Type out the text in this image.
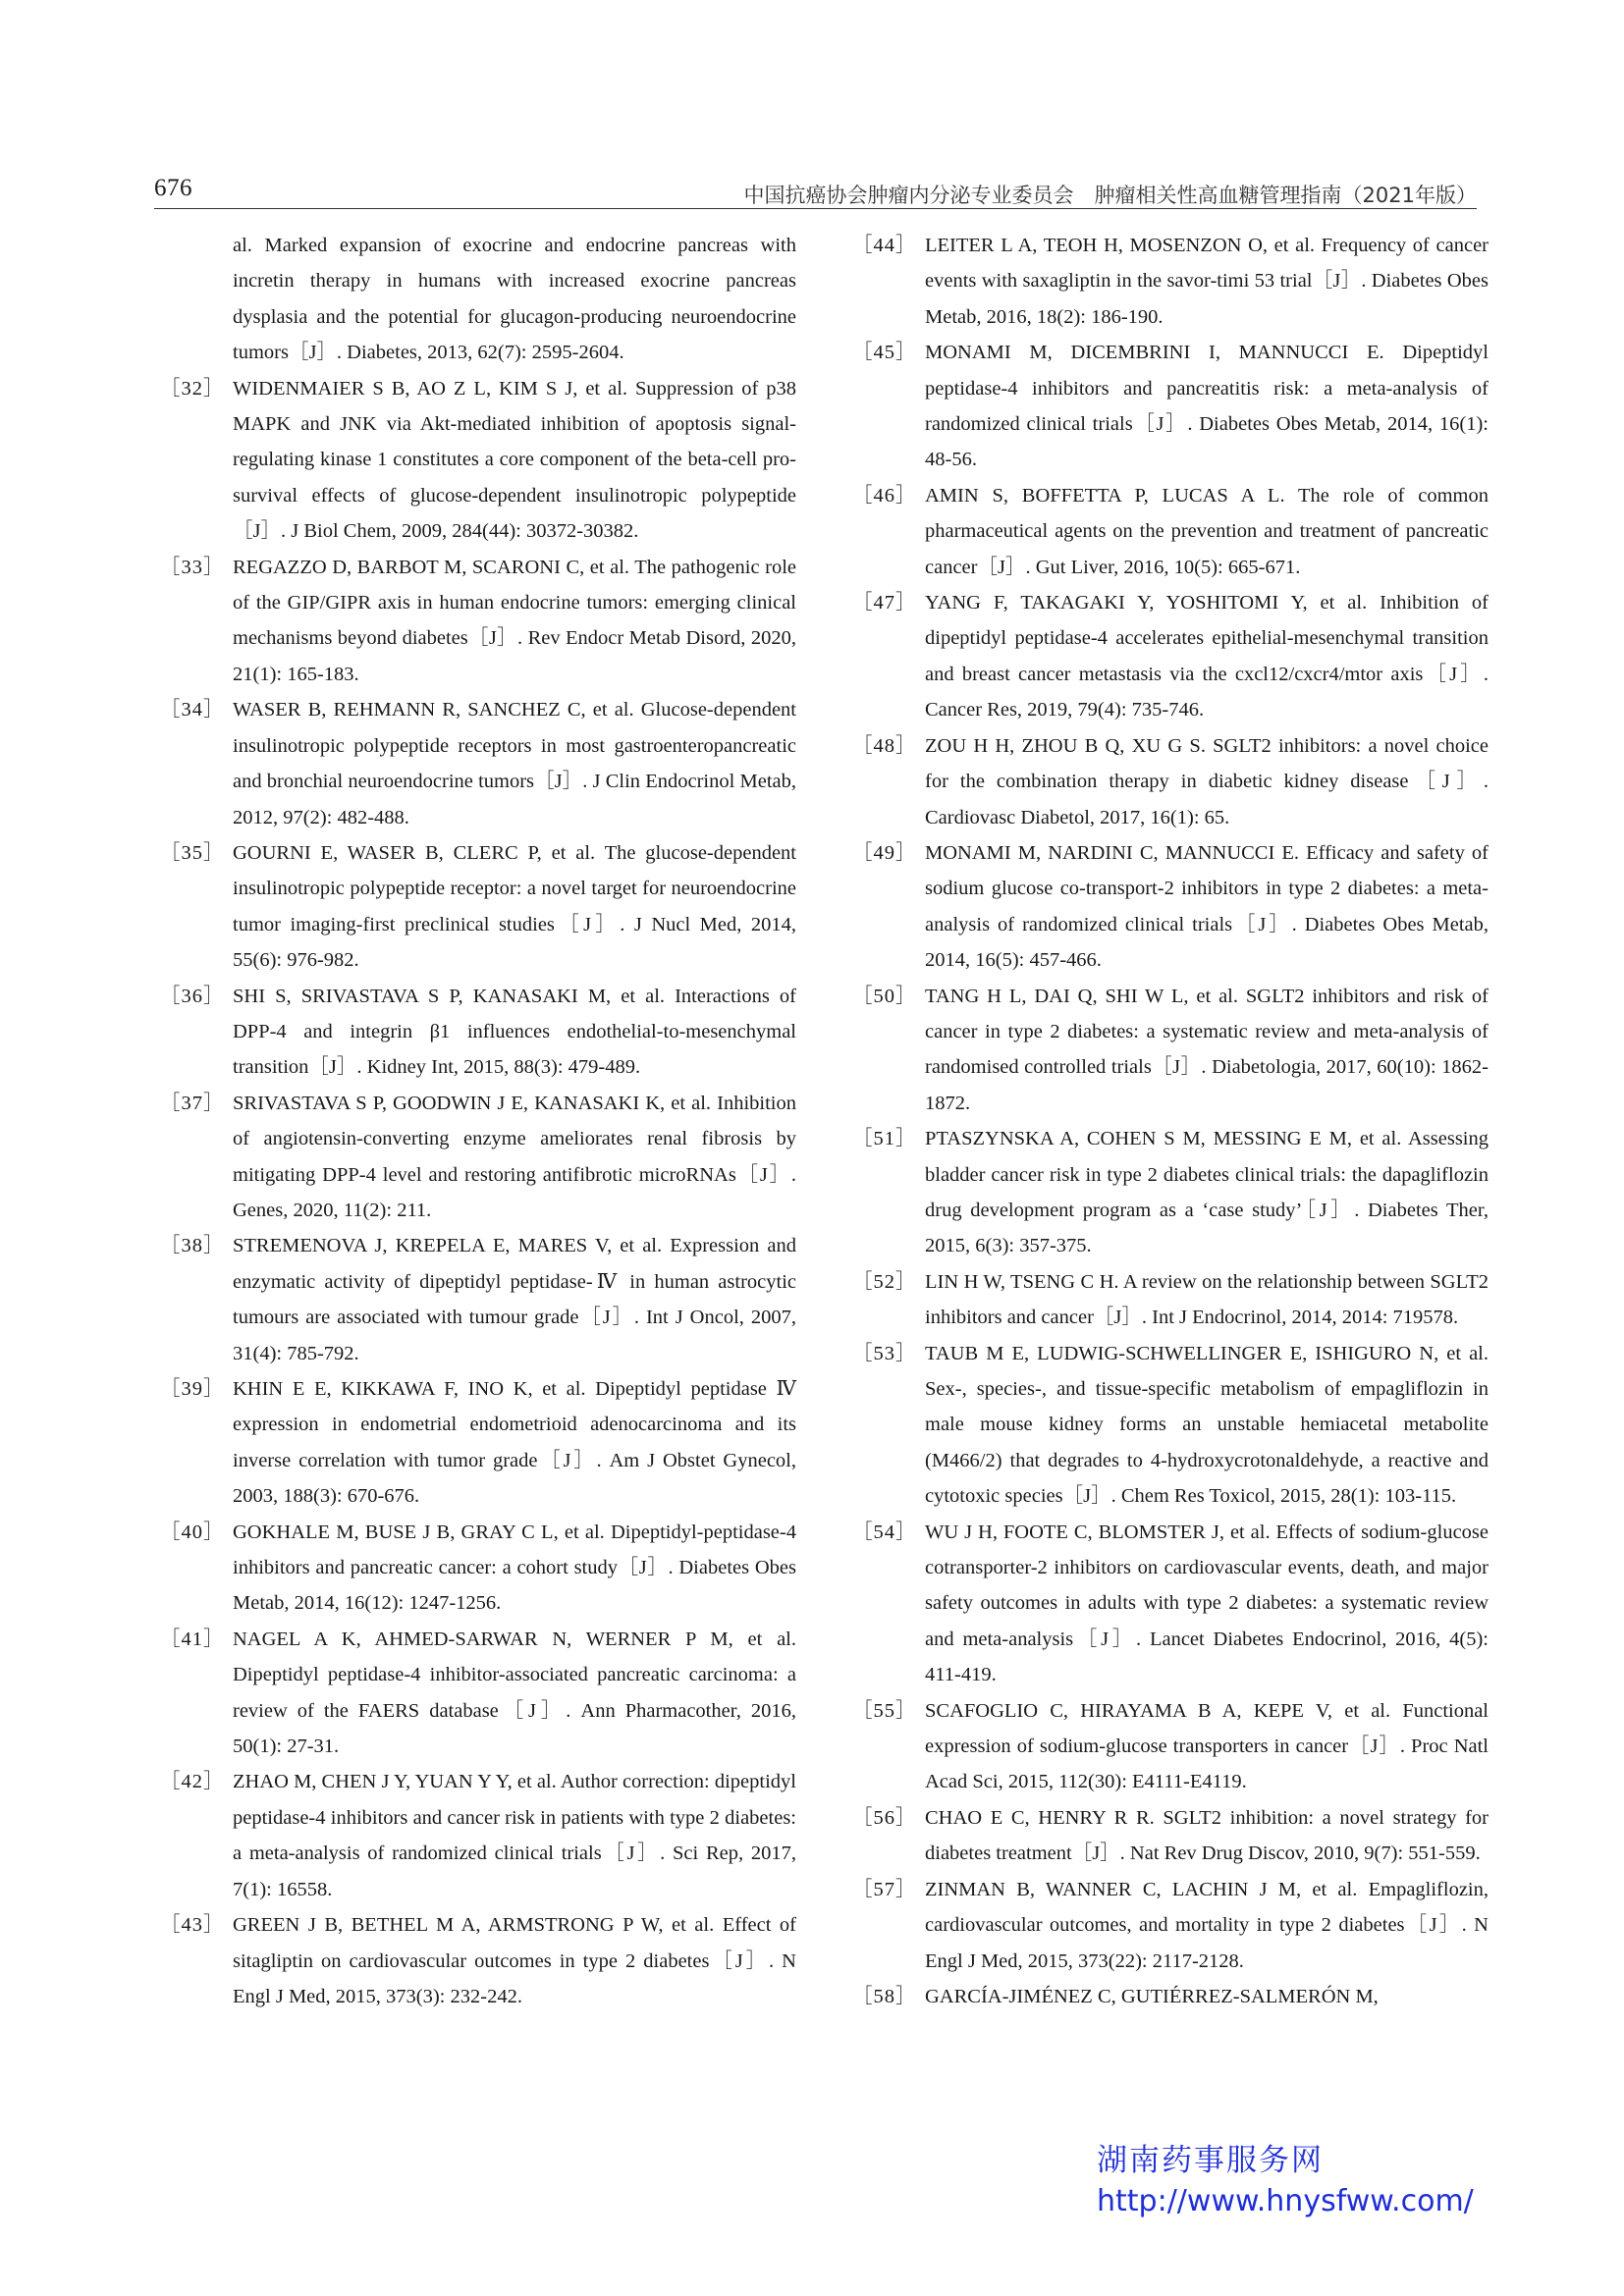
676	中国抗癌协会肿瘤内分泌专业委员会　肿瘤相关性高血糖管理指南（2021年版）

al. Marked expansion of exocrine and endocrine pancreas with incretin therapy in humans with increased exocrine pancreas dysplasia and the potential for glucagon-producing neuroendocrine tumors［J］. Diabetes, 2013, 62(7): 2595-2604.

［32］ WIDENMAIER S B, AO Z L, KIM S J, et al. Suppression of p38 MAPK and JNK via Akt-mediated inhibition of apoptosis signal-regulating kinase 1 constitutes a core component of the beta-cell pro-survival effects of glucose-dependent insulinotropic polypeptide［J］. J Biol Chem, 2009, 284(44): 30372-30382.

［33］ REGAZZO D, BARBOT M, SCARONI C, et al. The pathogenic role of the GIP/GIPR axis in human endocrine tumors: emerging clinical mechanisms beyond diabetes［J］. Rev Endocr Metab Disord, 2020, 21(1): 165-183.

［34］ WASER B, REHMANN R, SANCHEZ C, et al. Glucose-dependent insulinotropic polypeptide receptors in most gastroenteropancreatic and bronchial neuroendocrine tumors［J］. J Clin Endocrinol Metab, 2012, 97(2): 482-488.

［35］ GOURNI E, WASER B, CLERC P, et al. The glucose-dependent insulinotropic polypeptide receptor: a novel target for neuroendocrine tumor imaging-first preclinical studies［J］. J Nucl Med, 2014, 55(6): 976-982.

［36］ SHI S, SRIVASTAVA S P, KANASAKI M, et al. Interactions of DPP-4 and integrin β1 influences endothelial-to-mesenchymal transition［J］. Kidney Int, 2015, 88(3): 479-489.

［37］ SRIVASTAVA S P, GOODWIN J E, KANASAKI K, et al. Inhibition of angiotensin-converting enzyme ameliorates renal fibrosis by mitigating DPP-4 level and restoring antifibrotic microRNAs［J］. Genes, 2020, 11(2): 211.

［38］ STREMENOVA J, KREPELA E, MARES V, et al. Expression and enzymatic activity of dipeptidyl peptidase-Ⅳ in human astrocytic tumours are associated with tumour grade［J］. Int J Oncol, 2007, 31(4): 785-792.

［39］ KHIN E E, KIKKAWA F, INO K, et al. Dipeptidyl peptidase Ⅳ expression in endometrial endometrioid adenocarcinoma and its inverse correlation with tumor grade［J］. Am J Obstet Gynecol, 2003, 188(3): 670-676.

［40］ GOKHALE M, BUSE J B, GRAY C L, et al. Dipeptidyl-peptidase-4 inhibitors and pancreatic cancer: a cohort study［J］. Diabetes Obes Metab, 2014, 16(12): 1247-1256.

［41］ NAGEL A K, AHMED-SARWAR N, WERNER P M, et al. Dipeptidyl peptidase-4 inhibitor-associated pancreatic carcinoma: a review of the FAERS database［J］. Ann Pharmacother, 2016, 50(1): 27-31.

［42］ ZHAO M, CHEN J Y, YUAN Y Y, et al. Author correction: dipeptidyl peptidase-4 inhibitors and cancer risk in patients with type 2 diabetes: a meta-analysis of randomized clinical trials［J］. Sci Rep, 2017, 7(1): 16558.

［43］ GREEN J B, BETHEL M A, ARMSTRONG P W, et al. Effect of sitagliptin on cardiovascular outcomes in type 2 diabetes［J］. N Engl J Med, 2015, 373(3): 232-242.

［44］ LEITER L A, TEOH H, MOSENZON O, et al. Frequency of cancer events with saxagliptin in the savor-timi 53 trial［J］. Diabetes Obes Metab, 2016, 18(2): 186-190.

［45］ MONAMI M, DICEMBRINI I, MANNUCCI E. Dipeptidyl peptidase-4 inhibitors and pancreatitis risk: a meta-analysis of randomized clinical trials［J］. Diabetes Obes Metab, 2014, 16(1): 48-56.

［46］ AMIN S, BOFFETTA P, LUCAS A L. The role of common pharmaceutical agents on the prevention and treatment of pancreatic cancer［J］. Gut Liver, 2016, 10(5): 665-671.

［47］ YANG F, TAKAGAKI Y, YOSHITOMI Y, et al. Inhibition of dipeptidyl peptidase-4 accelerates epithelial-mesenchymal transition and breast cancer metastasis via the cxcl12/cxcr4/mtor axis［J］. Cancer Res, 2019, 79(4): 735-746.

［48］ ZOU H H, ZHOU B Q, XU G S. SGLT2 inhibitors: a novel choice for the combination therapy in diabetic kidney disease［J］. Cardiovasc Diabetol, 2017, 16(1): 65.

［49］ MONAMI M, NARDINI C, MANNUCCI E. Efficacy and safety of sodium glucose co-transport-2 inhibitors in type 2 diabetes: a meta-analysis of randomized clinical trials［J］. Diabetes Obes Metab, 2014, 16(5): 457-466.

［50］ TANG H L, DAI Q, SHI W L, et al. SGLT2 inhibitors and risk of cancer in type 2 diabetes: a systematic review and meta-analysis of randomised controlled trials［J］. Diabetologia, 2017, 60(10): 1862-1872.

［51］ PTASZYNSKA A, COHEN S M, MESSING E M, et al. Assessing bladder cancer risk in type 2 diabetes clinical trials: the dapagliflozin drug development program as a ‘case study’［J］. Diabetes Ther, 2015, 6(3): 357-375.

［52］ LIN H W, TSENG C H. A review on the relationship between SGLT2 inhibitors and cancer［J］. Int J Endocrinol, 2014, 2014: 719578.

［53］ TAUB M E, LUDWIG-SCHWELLINGER E, ISHIGURO N, et al. Sex-, species-, and tissue-specific metabolism of empagliflozin in male mouse kidney forms an unstable hemiacetal metabolite (M466/2) that degrades to 4-hydroxycrotonaldehyde, a reactive and cytotoxic species［J］. Chem Res Toxicol, 2015, 28(1): 103-115.

［54］ WU J H, FOOTE C, BLOMSTER J, et al. Effects of sodium-glucose cotransporter-2 inhibitors on cardiovascular events, death, and major safety outcomes in adults with type 2 diabetes: a systematic review and meta-analysis［J］. Lancet Diabetes Endocrinol, 2016, 4(5): 411-419.

［55］ SCAFOGLIO C, HIRAYAMA B A, KEPE V, et al. Functional expression of sodium-glucose transporters in cancer［J］. Proc Natl Acad Sci, 2015, 112(30): E4111-E4119.

［56］ CHAO E C, HENRY R R. SGLT2 inhibition: a novel strategy for diabetes treatment［J］. Nat Rev Drug Discov, 2010, 9(7): 551-559.

［57］ ZINMAN B, WANNER C, LACHIN J M, et al. Empagliflozin, cardiovascular outcomes, and mortality in type 2 diabetes［J］. N Engl J Med, 2015, 373(22): 2117-2128.

［58］ GARCÍA-JIMÉNEZ C, GUTIÉRREZ-SALMERÓN M,

湖南药事服务网
http://www.hnysfww.com/
